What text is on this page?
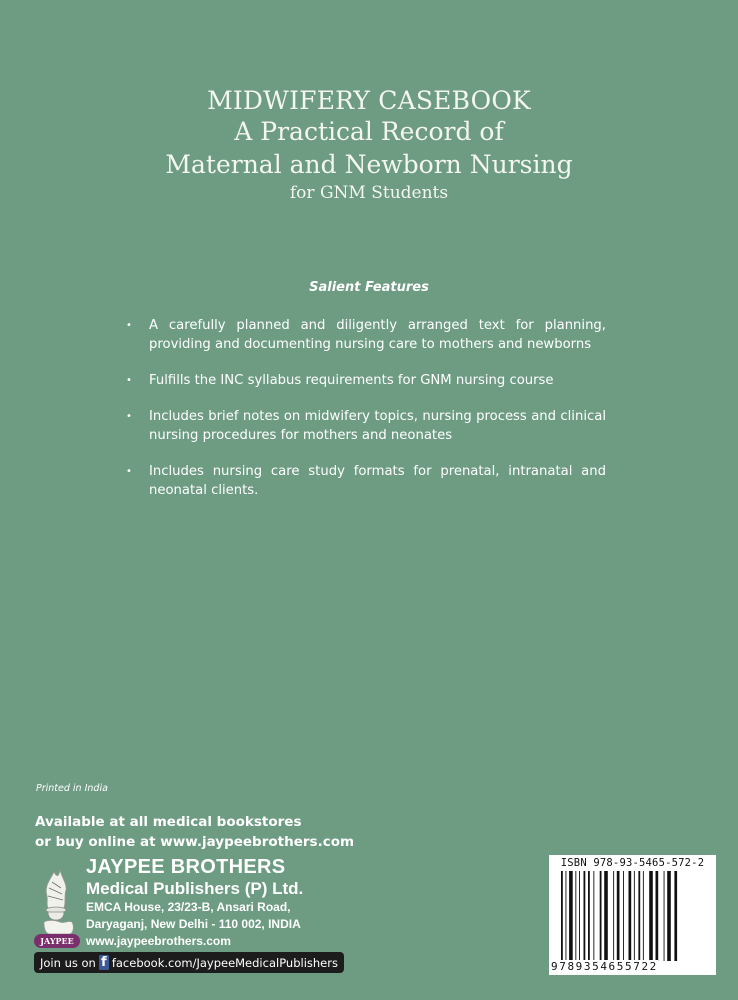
MIDWIFERY CASEBOOK
A Practical Record of
Maternal and Newborn Nursing
for GNM Students
Salient Features
• A carefully planned and diligently arranged text for planning, providing and documenting nursing care to mothers and newborns
• Fulfills the INC syllabus requirements for GNM nursing course
• Includes brief notes on midwifery topics, nursing process and clinical nursing procedures for mothers and neonates
• Includes nursing care study formats for prenatal, intranatal and neonatal clients.
Printed in India
Available at all medical bookstores
or buy online at www.jaypeebrothers.com
JAYPEE
JAYPEE BROTHERS
Medical Publishers (P) Ltd.
EMCA House, 23/23-B, Ansari Road,
Daryaganj, New Delhi - 110 002, INDIA
www.jaypeebrothers.com
Join us on f facebook.com/JaypeeMedicalPublishers
ISBN 978-93-5465-572-2
9789354655722
